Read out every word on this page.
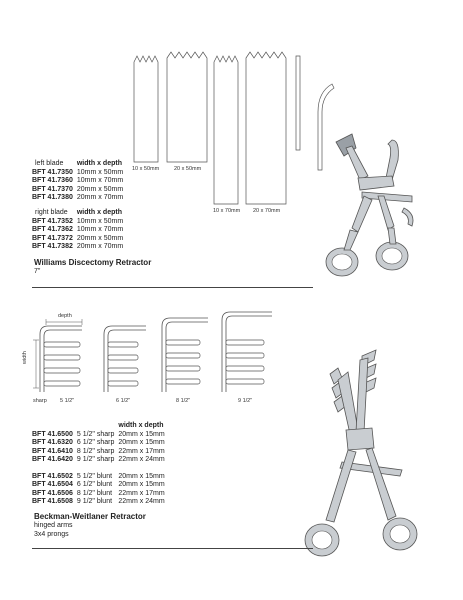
10 x 50mm	20 x 50mm
10 x 70mm 20 x 70mm
left blade	width x depth
BFT 41.7350	10mm x 50mm
BFT 41.7360	10mm x 70mm
BFT 41.7370	20mm x 50mm
BFT 41.7380	20mm x 70mm
right blade	width x depth
BFT 41.7352	10mm x 50mm
BFT 41.7362	10mm x 70mm
BFT 41.7372	20mm x 50mm
BFT 41.7382	20mm x 70mm
Williams Discectomy Retractor
7"
depth
width
sharp 5 1/2"	6 1/2"	8 1/2"	9 1/2"
		width x depth
BFT 41.6500	5 1/2" sharp	20mm x 15mm
BFT 41.6320	6 1/2" sharp	20mm x 15mm
BFT 41.6410	8 1/2" sharp	22mm x 17mm
BFT 41.6420	9 1/2" sharp	22mm x 24mm

BFT 41.6502	5 1/2" blunt	20mm x 15mm
BFT 41.6504	6 1/2" blunt	20mm x 15mm
BFT 41.6506	8 1/2" blunt	22mm x 17mm
BFT 41.6508	9 1/2" blunt	22mm x 24mm
Beckman-Weitlaner Retractor
hinged arms
3x4 prongs
